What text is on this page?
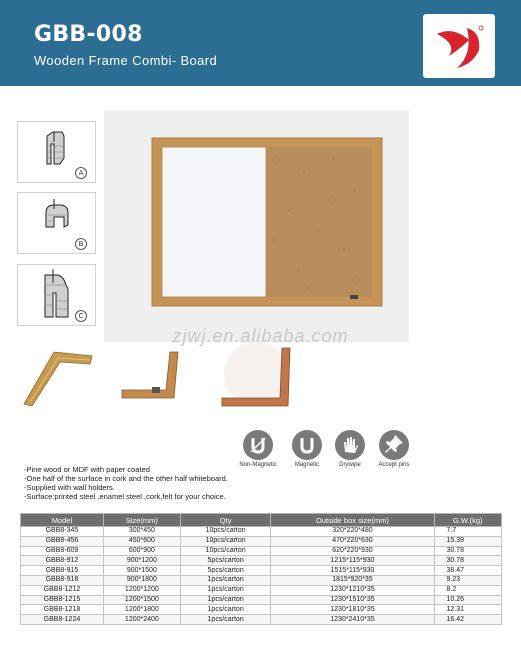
GBB-008
Wooden Frame Combi- Board
A
B
C
zjwj.en.alibaba.com
Non-Magnetic	Magnetic	Drywipe	Accept pins
-Pine wood or MDF with paper coated
-One half of the surface in cork and the other half whiteboard.
-Supplied with wall holders.
-Surface:printed steel ,enamel steel ,cork,felt for your choice.
Model	Size(mm)	Qty	Outside box size(mm)	G.W.(kg)
GBB8-345	300*450	10pcs/carton	320*220*480	7.7
GBB8-456	450*600	10pcs/carton	470*220*630	15.39
GBB8-609	600*900	10pcs/carton	620*220*930	30.78
GBB8-912	900*1200	5pcs/carton	1215*115*930	30.78
GBB8-915	900*1500	5pcs/carton	1515*115*930	38.47
GBB8-918	900*1800	1pcs/carton	1815*920*35	9.23
GBB8-1212	1200*1200	1pcs/carton	1230*1210*35	8.2
GBB8-1215	1200*1500	1pcs/carton	1230*1510*35	10.26
GBB8-1218	1200*1800	1pcs/carton	1230*1810*35	12.31
GBB8-1224	1200*2400	1pcs/carton	1230*2410*35	16.42
